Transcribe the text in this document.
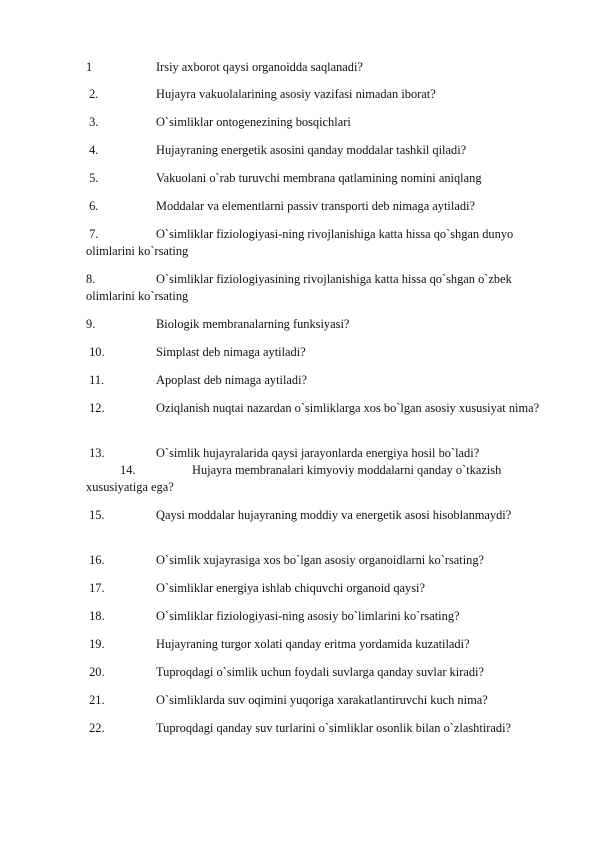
1	Irsiy axborot qaysi organoidda saqlanadi?
2.	Hujayra vakuolalarining asosiy vazifasi nimadan iborat?
3.	O`simliklar ontogenezining bosqichlari
4.	Hujayraning energetik asosini qanday moddalar tashkil qiladi?
5.	Vakuolani o`rab turuvchi membrana qatlamining nomini aniqlang
6.	Moddalar va elementlarni passiv transporti deb nimaga aytiladi?
7.	O`simliklar fiziologiyasi-ning rivojlanishiga katta hissa qo`shgan dunyo olimlarini ko`rsating
8.	O`simliklar fiziologiyasining rivojlanishiga katta hissa qo`shgan o`zbek olimlarini ko`rsating
9.	Biologik membranalarning funksiyasi?
10.	Simplast deb nimaga aytiladi?
11.	Apoplast deb nimaga aytiladi?
12.	Oziqlanish nuqtai nazardan o`simliklarga xos bo`lgan asosiy xususiyat nima?
13.	O`simlik hujayralarida qaysi jarayonlarda energiya hosil bo`ladi?
14.	Hujayra membranalari kimyoviy moddalarni qanday o`tkazish xususiyatiga ega?
15.	Qaysi moddalar hujayraning moddiy va energetik asosi hisoblanmaydi?
16.	O`simlik xujayrasiga xos bo`lgan asosiy organoidlarni ko`rsating?
17.	O`simliklar energiya ishlab chiquvchi organoid qaysi?
18.	O`simliklar fiziologiyasi-ning asosiy bo`limlarini ko`rsating?
19.	Hujayraning turgor xolati qanday eritma yordamida kuzatiladi?
20.	Tuproqdagi o`simlik uchun foydali suvlarga qanday suvlar kiradi?
21.	O`simliklarda suv oqimini yuqoriga xarakatlantiruvchi kuch nima?
22.	Tuproqdagi qanday suv turlarini o`simliklar osonlik bilan o`zlashtiradi?
